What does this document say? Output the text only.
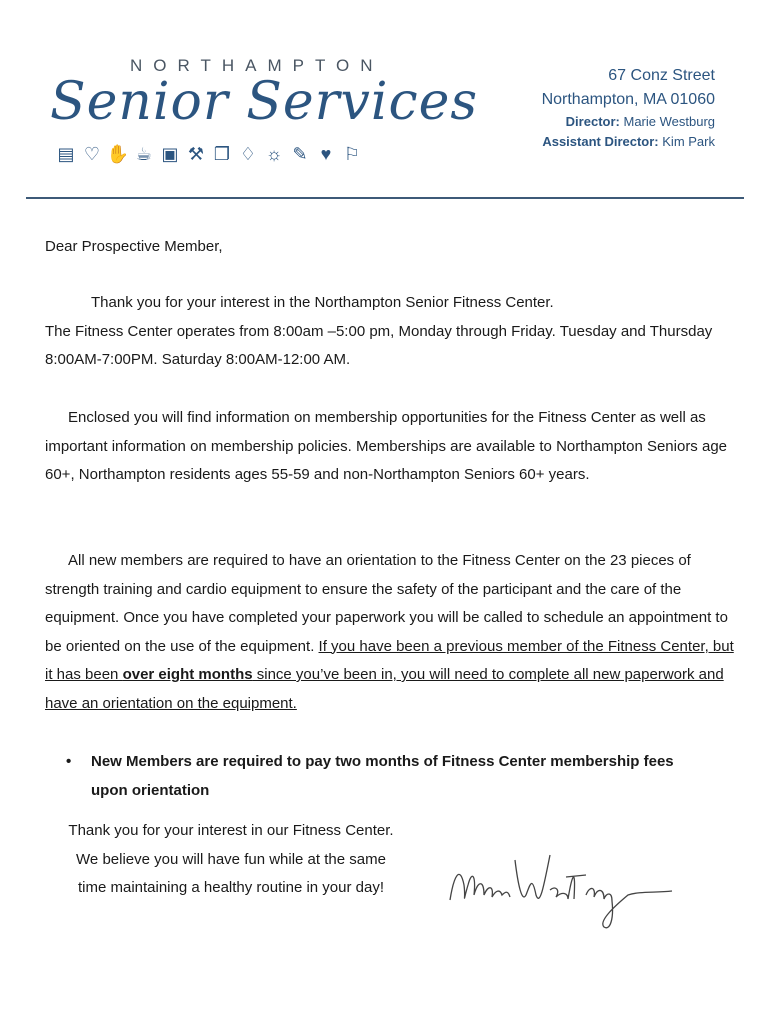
NORTHAMPTON
Senior Services
▤ ♡ ✋ ☕ ▣ ⚒ ❐ ♢ ☼ ✎ ♥ ⚐
67 Conz Street
Northampton, MA 01060
Director: Marie Westburg
Assistant Director: Kim Park
Dear Prospective Member,
Thank you for your interest in the Northampton Senior Fitness Center.
The Fitness Center operates from 8:00am –5:00 pm, Monday through Friday. Tuesday and Thursday 8:00AM-7:00PM. Saturday 8:00AM-12:00 AM.
Enclosed you will find information on membership opportunities for the Fitness Center as well as important information on membership policies. Memberships are available to Northampton Seniors age 60+, Northampton residents ages 55-59 and non-Northampton Seniors 60+ years.
All new members are required to have an orientation to the Fitness Center on the 23 pieces of strength training and cardio equipment to ensure the safety of the participant and the care of the equipment. Once you have completed your paperwork you will be called to schedule an appointment to be oriented on the use of the equipment. If you have been a previous member of the Fitness Center, but it has been over eight months since you’ve been in, you will need to complete all new paperwork and have an orientation on the equipment.
• New Members are required to pay two months of Fitness Center membership fees upon orientation
Thank you for your interest in our Fitness Center.
We believe you will have fun while at the same
time maintaining a healthy routine in your day!
